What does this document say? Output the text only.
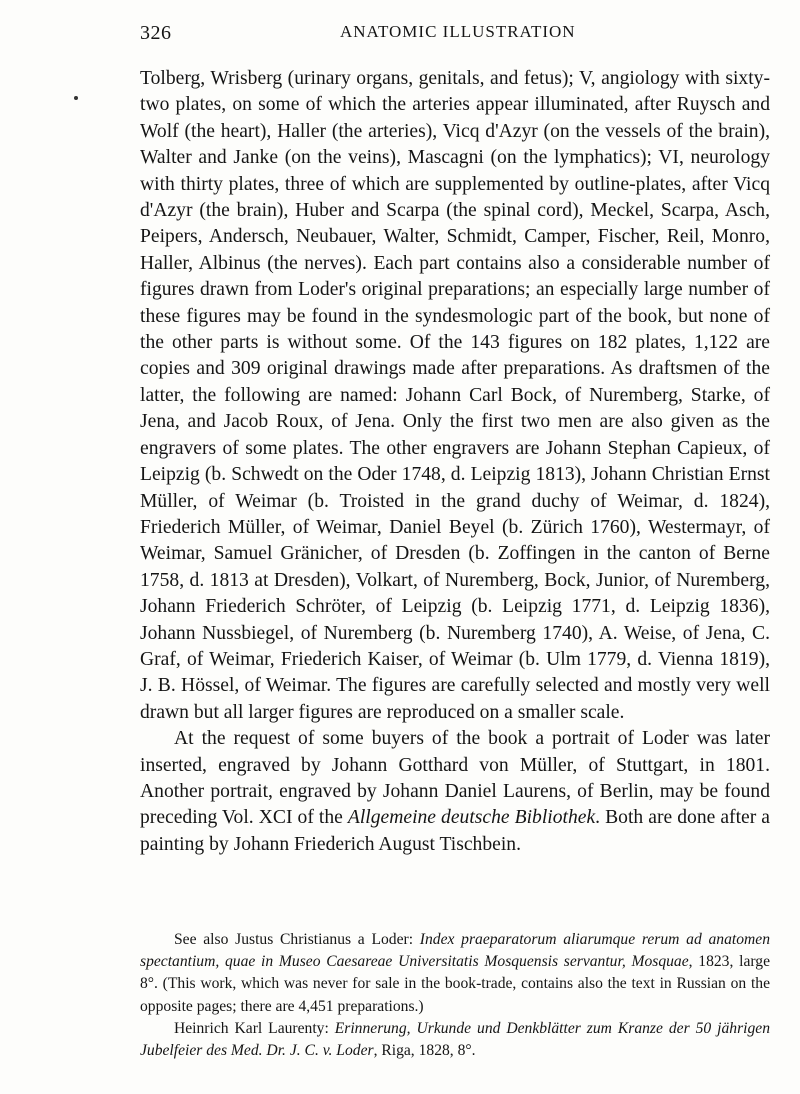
326	ANATOMIC ILLUSTRATION

Tolberg, Wrisberg (urinary organs, genitals, and fetus); V, angiology with sixty-two plates, on some of which the arteries appear illuminated, after Ruysch and Wolf (the heart), Haller (the arteries), Vicq d'Azyr (on the vessels of the brain), Walter and Janke (on the veins), Mascagni (on the lymphatics); VI, neurology with thirty plates, three of which are supplemented by outline-plates, after Vicq d'Azyr (the brain), Huber and Scarpa (the spinal cord), Meckel, Scarpa, Asch, Peipers, Andersch, Neubauer, Walter, Schmidt, Camper, Fischer, Reil, Monro, Haller, Albinus (the nerves). Each part contains also a considerable number of figures drawn from Loder's original preparations; an especially large number of these figures may be found in the syndesmologic part of the book, but none of the other parts is without some. Of the 143 figures on 182 plates, 1,122 are copies and 309 original drawings made after preparations. As draftsmen of the latter, the following are named: Johann Carl Bock, of Nuremberg, Starke, of Jena, and Jacob Roux, of Jena. Only the first two men are also given as the engravers of some plates. The other engravers are Johann Stephan Capieux, of Leipzig (b. Schwedt on the Oder 1748, d. Leipzig 1813), Johann Christian Ernst Müller, of Weimar (b. Troisted in the grand duchy of Weimar, d. 1824), Friederich Müller, of Weimar, Daniel Beyel (b. Zürich 1760), Westermayr, of Weimar, Samuel Gränicher, of Dresden (b. Zoffingen in the canton of Berne 1758, d. 1813 at Dresden), Volkart, of Nuremberg, Bock, Junior, of Nuremberg, Johann Friederich Schröter, of Leipzig (b. Leipzig 1771, d. Leipzig 1836), Johann Nussbiegel, of Nuremberg (b. Nuremberg 1740), A. Weise, of Jena, C. Graf, of Weimar, Friederich Kaiser, of Weimar (b. Ulm 1779, d. Vienna 1819), J. B. Hössel, of Weimar. The figures are carefully selected and mostly very well drawn but all larger figures are reproduced on a smaller scale.

At the request of some buyers of the book a portrait of Loder was later inserted, engraved by Johann Gotthard von Müller, of Stuttgart, in 1801. Another portrait, engraved by Johann Daniel Laurens, of Berlin, may be found preceding Vol. XCI of the Allgemeine deutsche Bibliothek. Both are done after a painting by Johann Friederich August Tischbein.

See also Justus Christianus a Loder: Index praeparatorum aliarumque rerum ad anatomen spectantium, quae in Museo Caesareae Universitatis Mosquensis servantur, Mosquae, 1823, large 8°. (This work, which was never for sale in the book-trade, contains also the text in Russian on the opposite pages; there are 4,451 preparations.)

Heinrich Karl Laurenty: Erinnerung, Urkunde und Denkblätter zum Kranze der 50 jährigen Jubelfeier des Med. Dr. J. C. v. Loder, Riga, 1828, 8°.
